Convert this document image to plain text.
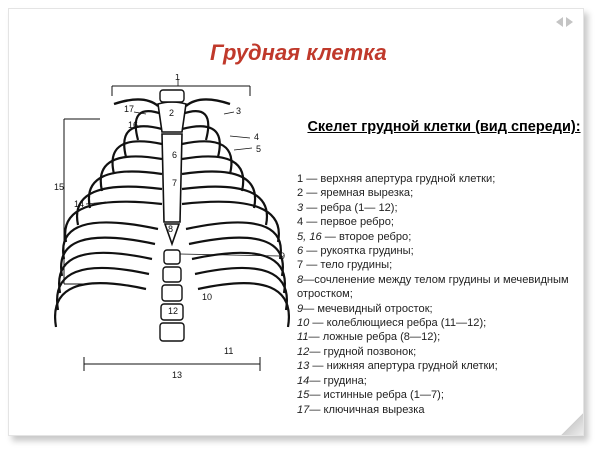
Грудная клетка
1
17	2	3
16
4
5
6
7
14
15
8
9
10
12
11
13
Скелет грудной клетки (вид спереди):
1 — верхняя апертура грудной клетки;
2 — яремная вырезка;
3 — ребра (1— 12);
4 — первое ребро;
5, 16 — второе ребро;
6 — рукоятка грудины;
7 — тело грудины;
8—сочленение между телом грудины и мечевидным отростком;
9— мечевидный отросток;
10 — колеблющиеся ребра (11—12);
11— ложные ребра (8—12);
12— грудной позвонок;
13 — нижняя апертура грудной клетки;
14— грудина;
15— истинные ребра (1—7);
17— ключичная вырезка
